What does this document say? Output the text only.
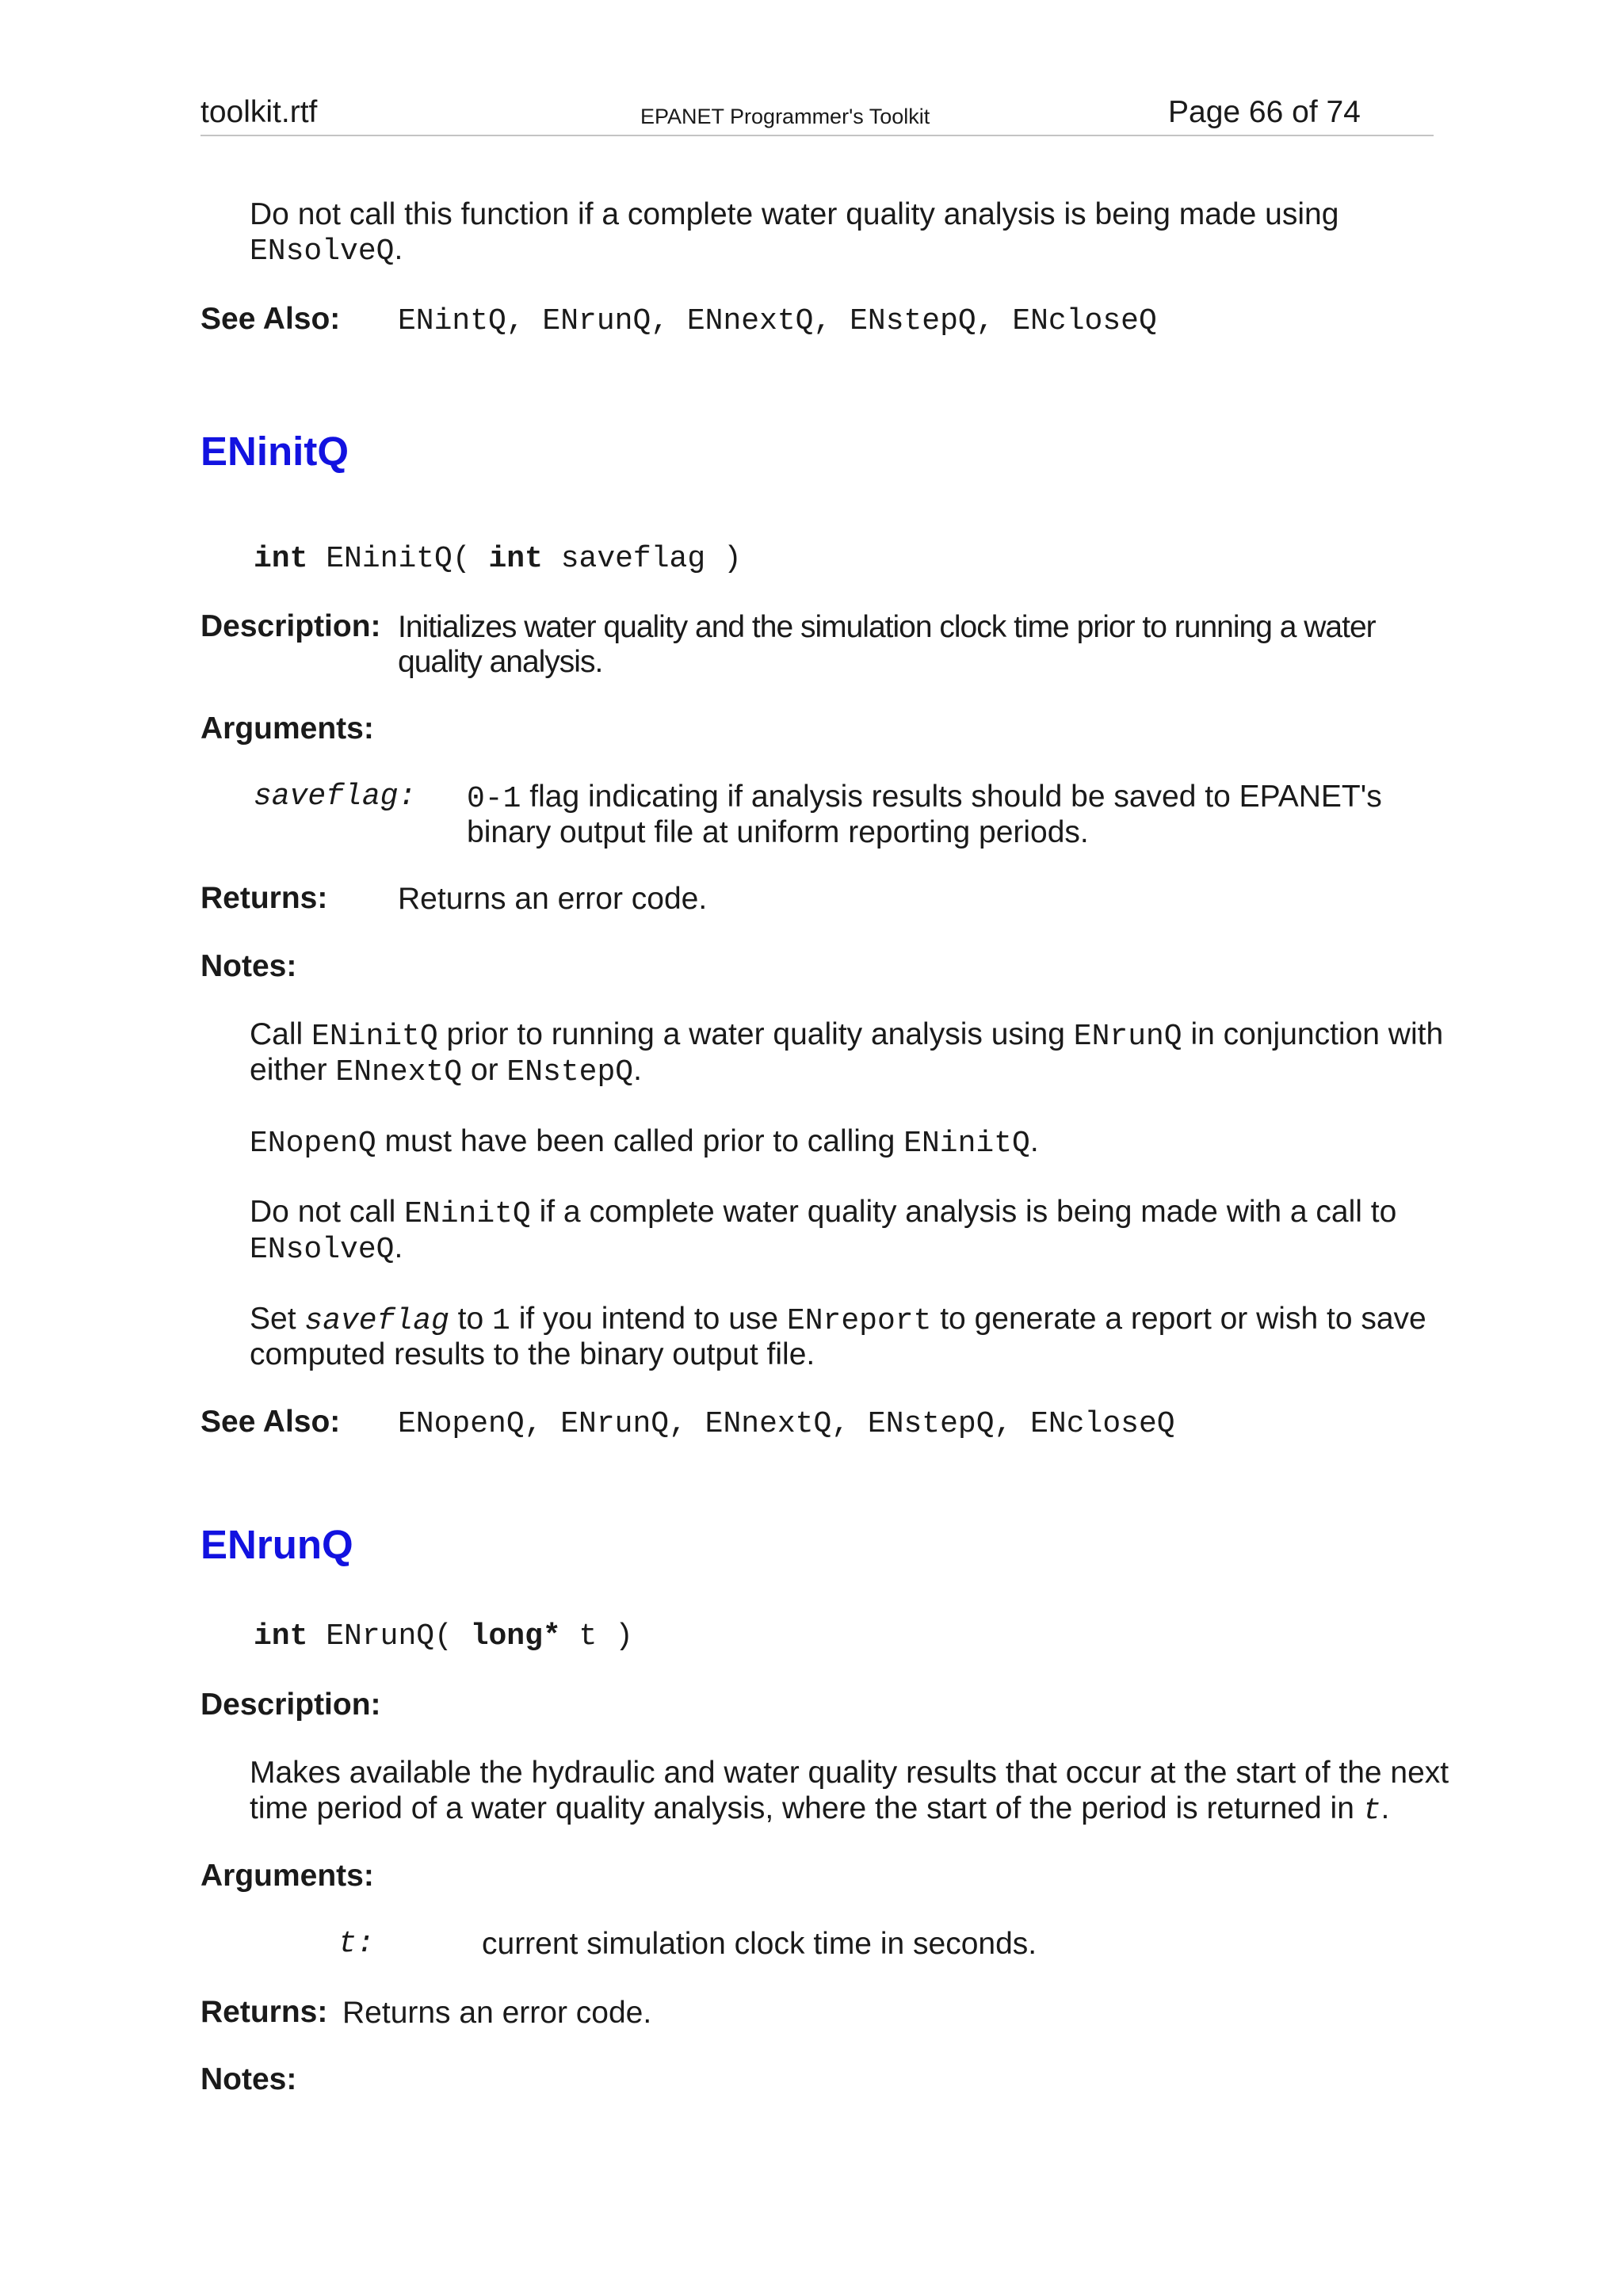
toolkit.rtf	EPANET Programmer's Toolkit	Page 66 of 74
Do not call this function if a complete water quality analysis is being made using
ENsolveQ.
See Also: ENintQ, ENrunQ, ENnextQ, ENstepQ, ENcloseQ
ENinitQ
int ENinitQ( int saveflag )
Description: Initializes water quality and the simulation clock time prior to running a water
quality analysis.
Arguments:
saveflag: 0-1 flag indicating if analysis results should be saved to EPANET's
binary output file at uniform reporting periods.
Returns: Returns an error code.
Notes:
Call ENinitQ prior to running a water quality analysis using ENrunQ in conjunction with
either ENnextQ or ENstepQ.
ENopenQ must have been called prior to calling ENinitQ.
Do not call ENinitQ if a complete water quality analysis is being made with a call to
ENsolveQ.
Set saveflag to 1 if you intend to use ENreport to generate a report or wish to save
computed results to the binary output file.
See Also: ENopenQ, ENrunQ, ENnextQ, ENstepQ, ENcloseQ
ENrunQ
int ENrunQ( long* t )
Description:
Makes available the hydraulic and water quality results that occur at the start of the next
time period of a water quality analysis, where the start of the period is returned in t.
Arguments:
t:	current simulation clock time in seconds.
Returns: Returns an error code.
Notes:
